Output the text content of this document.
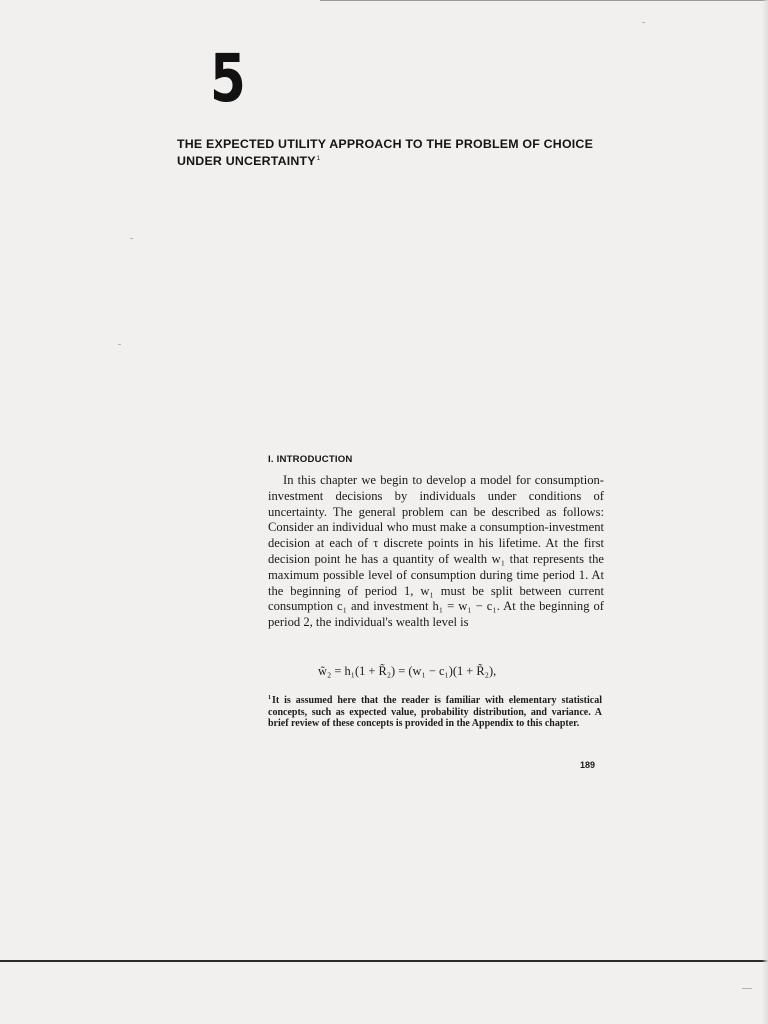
5
THE EXPECTED UTILITY APPROACH TO THE PROBLEM OF CHOICE UNDER UNCERTAINTY$^1$
I. INTRODUCTION

In this chapter we begin to develop a model for consumption-investment decisions by individuals under conditions of uncertainty. The general problem can be described as follows: Consider an individual who must make a consumption-investment decision at each of τ discrete points in his lifetime. At the first decision point he has a quantity of wealth w₁ that represents the maximum possible level of consumption during time period 1. At the beginning of period 1, w₁ must be split between current consumption c₁ and investment h₁ = w₁ − c₁. At the beginning of period 2, the individual's wealth level is

w̃₂ = h₁(1 + R̃₂) = (w₁ − c₁)(1 + R̃₂),
$^1$It is assumed here that the reader is familiar with elementary statistical concepts, such as expected value, probability distribution, and variance. A brief review of these concepts is provided in the Appendix to this chapter.
189
